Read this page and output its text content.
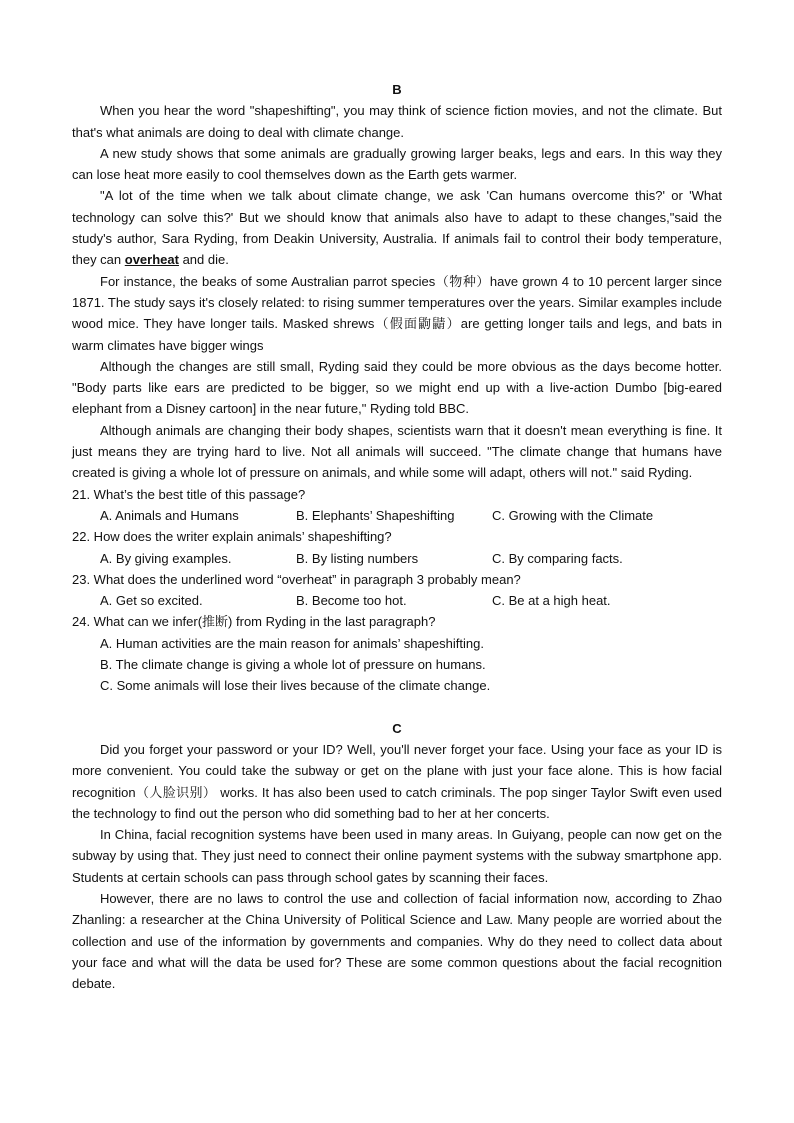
B

When you hear the word "shapeshifting", you may think of science fiction movies, and not the climate. But that's what animals are doing to deal with climate change.

A new study shows that some animals are gradually growing larger beaks, legs and ears. In this way they can lose heat more easily to cool themselves down as the Earth gets warmer.

"A lot of the time when we talk about climate change, we ask 'Can humans overcome this?' or 'What technology can solve this?' But we should know that animals also have to adapt to these changes,"said the study's author, Sara Ryding, from Deakin University, Australia. If animals fail to control their body temperature, they can overheat and die.

For instance, the beaks of some Australian parrot species（物种）have grown 4 to 10 percent larger since 1871. The study says it's closely related: to rising summer temperatures over the years. Similar examples include wood mice. They have longer tails. Masked shrews（假面鼩鼱）are getting longer tails and legs, and bats in warm climates have bigger wings

Although the changes are still small, Ryding said they could be more obvious as the days become hotter. "Body parts like ears are predicted to be bigger, so we might end up with a live-action Dumbo [big-eared elephant from a Disney cartoon] in the near future," Ryding told BBC.

Although animals are changing their body shapes, scientists warn that it doesn't mean everything is fine. It just means they are trying hard to live. Not all animals will succeed. "The climate change that humans have created is giving a whole lot of pressure on animals, and while some will adapt, others will not." said Ryding.

21. What’s the best title of this passage?

A. Animals and Humans	B. Elephants’ Shapeshifting	C. Growing with the Climate

22. How does the writer explain animals’ shapeshifting?

A. By giving examples.	B. By listing numbers	C. By comparing facts.

23. What does the underlined word “overheat” in paragraph 3 probably mean?

A. Get so excited.	B. Become too hot.	C. Be at a high heat.

24. What can we infer(推断) from Ryding in the last paragraph?

A. Human activities are the main reason for animals’ shapeshifting.

B. The climate change is giving a whole lot of pressure on humans.

C. Some animals will lose their lives because of the climate change.

C

Did you forget your password or your ID? Well, you'll never forget your face. Using your face as your ID is more convenient. You could take the subway or get on the plane with just your face alone. This is how facial recognition（人脸识别） works. It has also been used to catch criminals. The pop singer Taylor Swift even used the technology to find out the person who did something bad to her at her concerts.

In China, facial recognition systems have been used in many areas. In Guiyang, people can now get on the subway by using that. They just need to connect their online payment systems with the subway smartphone app. Students at certain schools can pass through school gates by scanning their faces.

However, there are no laws to control the use and collection of facial information now, according to Zhao Zhanling: a researcher at the China University of Political Science and Law. Many people are worried about the collection and use of the information by governments and companies. Why do they need to collect data about your face and what will the data be used for? These are some common questions about the facial recognition debate.
